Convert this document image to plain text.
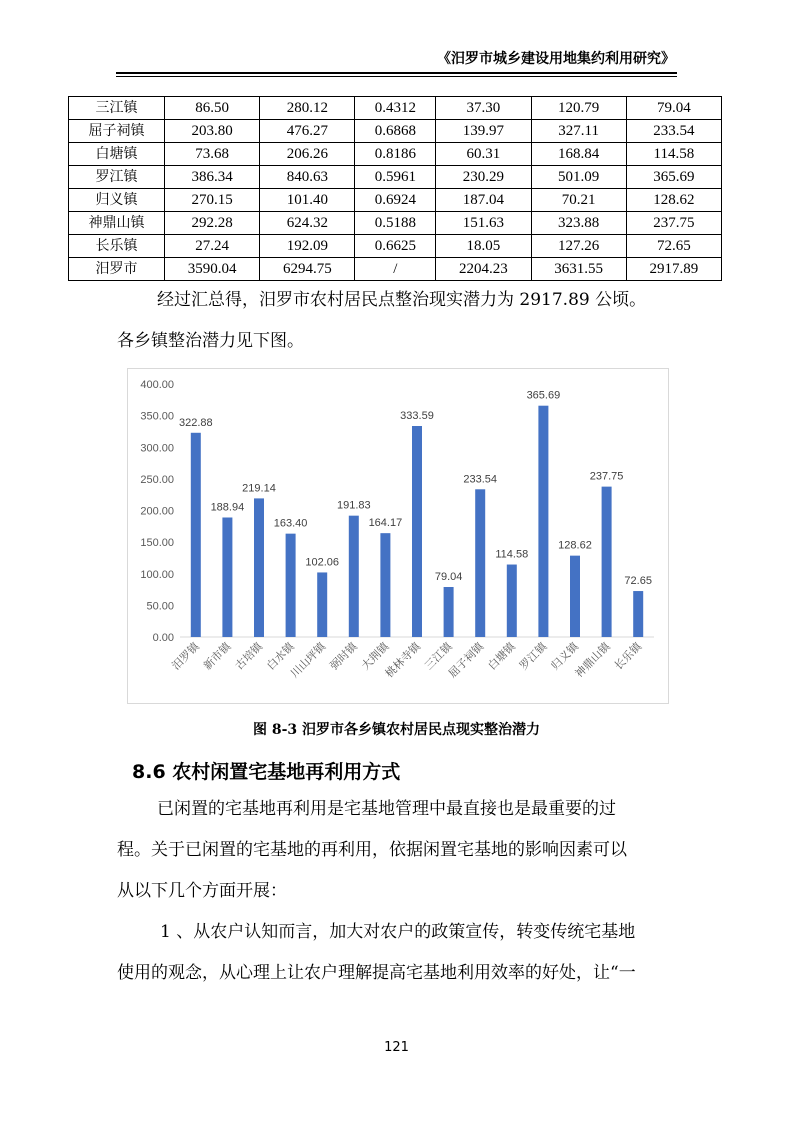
《汨罗市城乡建设用地集约利用研究》
三江镇	86.50	280.12	0.4312	37.30	120.79	79.04
屈子祠镇	203.80	476.27	0.6868	139.97	327.11	233.54
白塘镇	73.68	206.26	0.8186	60.31	168.84	114.58
罗江镇	386.34	840.63	0.5961	230.29	501.09	365.69
归义镇	270.15	101.40	0.6924	187.04	70.21	128.62
神鼎山镇	292.28	624.32	0.5188	151.63	323.88	237.75
长乐镇	27.24	192.09	0.6625	18.05	127.26	72.65
汨罗市	3590.04	6294.75	/	2204.23	3631.55	2917.89
经过汇总得，汨罗市农村居民点整治现实潜力为 2917.89 公顷。
各乡镇整治潜力见下图。
0.00
50.00
100.00
150.00
200.00
250.00
300.00
350.00
400.00
322.88
汨罗镇
188.94
新市镇
219.14
古培镇
163.40
白水镇
102.06
川山坪镇
191.83
弼时镇
164.17
大荆镇
333.59
桃林寺镇
79.04
三江镇
233.54
屈子祠镇
114.58
白塘镇
365.69
罗江镇
128.62
归义镇
237.75
神鼎山镇
72.65
长乐镇
图 8-3 汨罗市各乡镇农村居民点现实整治潜力
8.6 农村闲置宅基地再利用方式
已闲置的宅基地再利用是宅基地管理中最直接也是最重要的过
程。关于已闲置的宅基地的再利用，依据闲置宅基地的影响因素可以
从以下几个方面开展：
1 、从农户认知而言，加大对农户的政策宣传，转变传统宅基地
使用的观念，从心理上让农户理解提高宅基地利用效率的好处，让“一
121
